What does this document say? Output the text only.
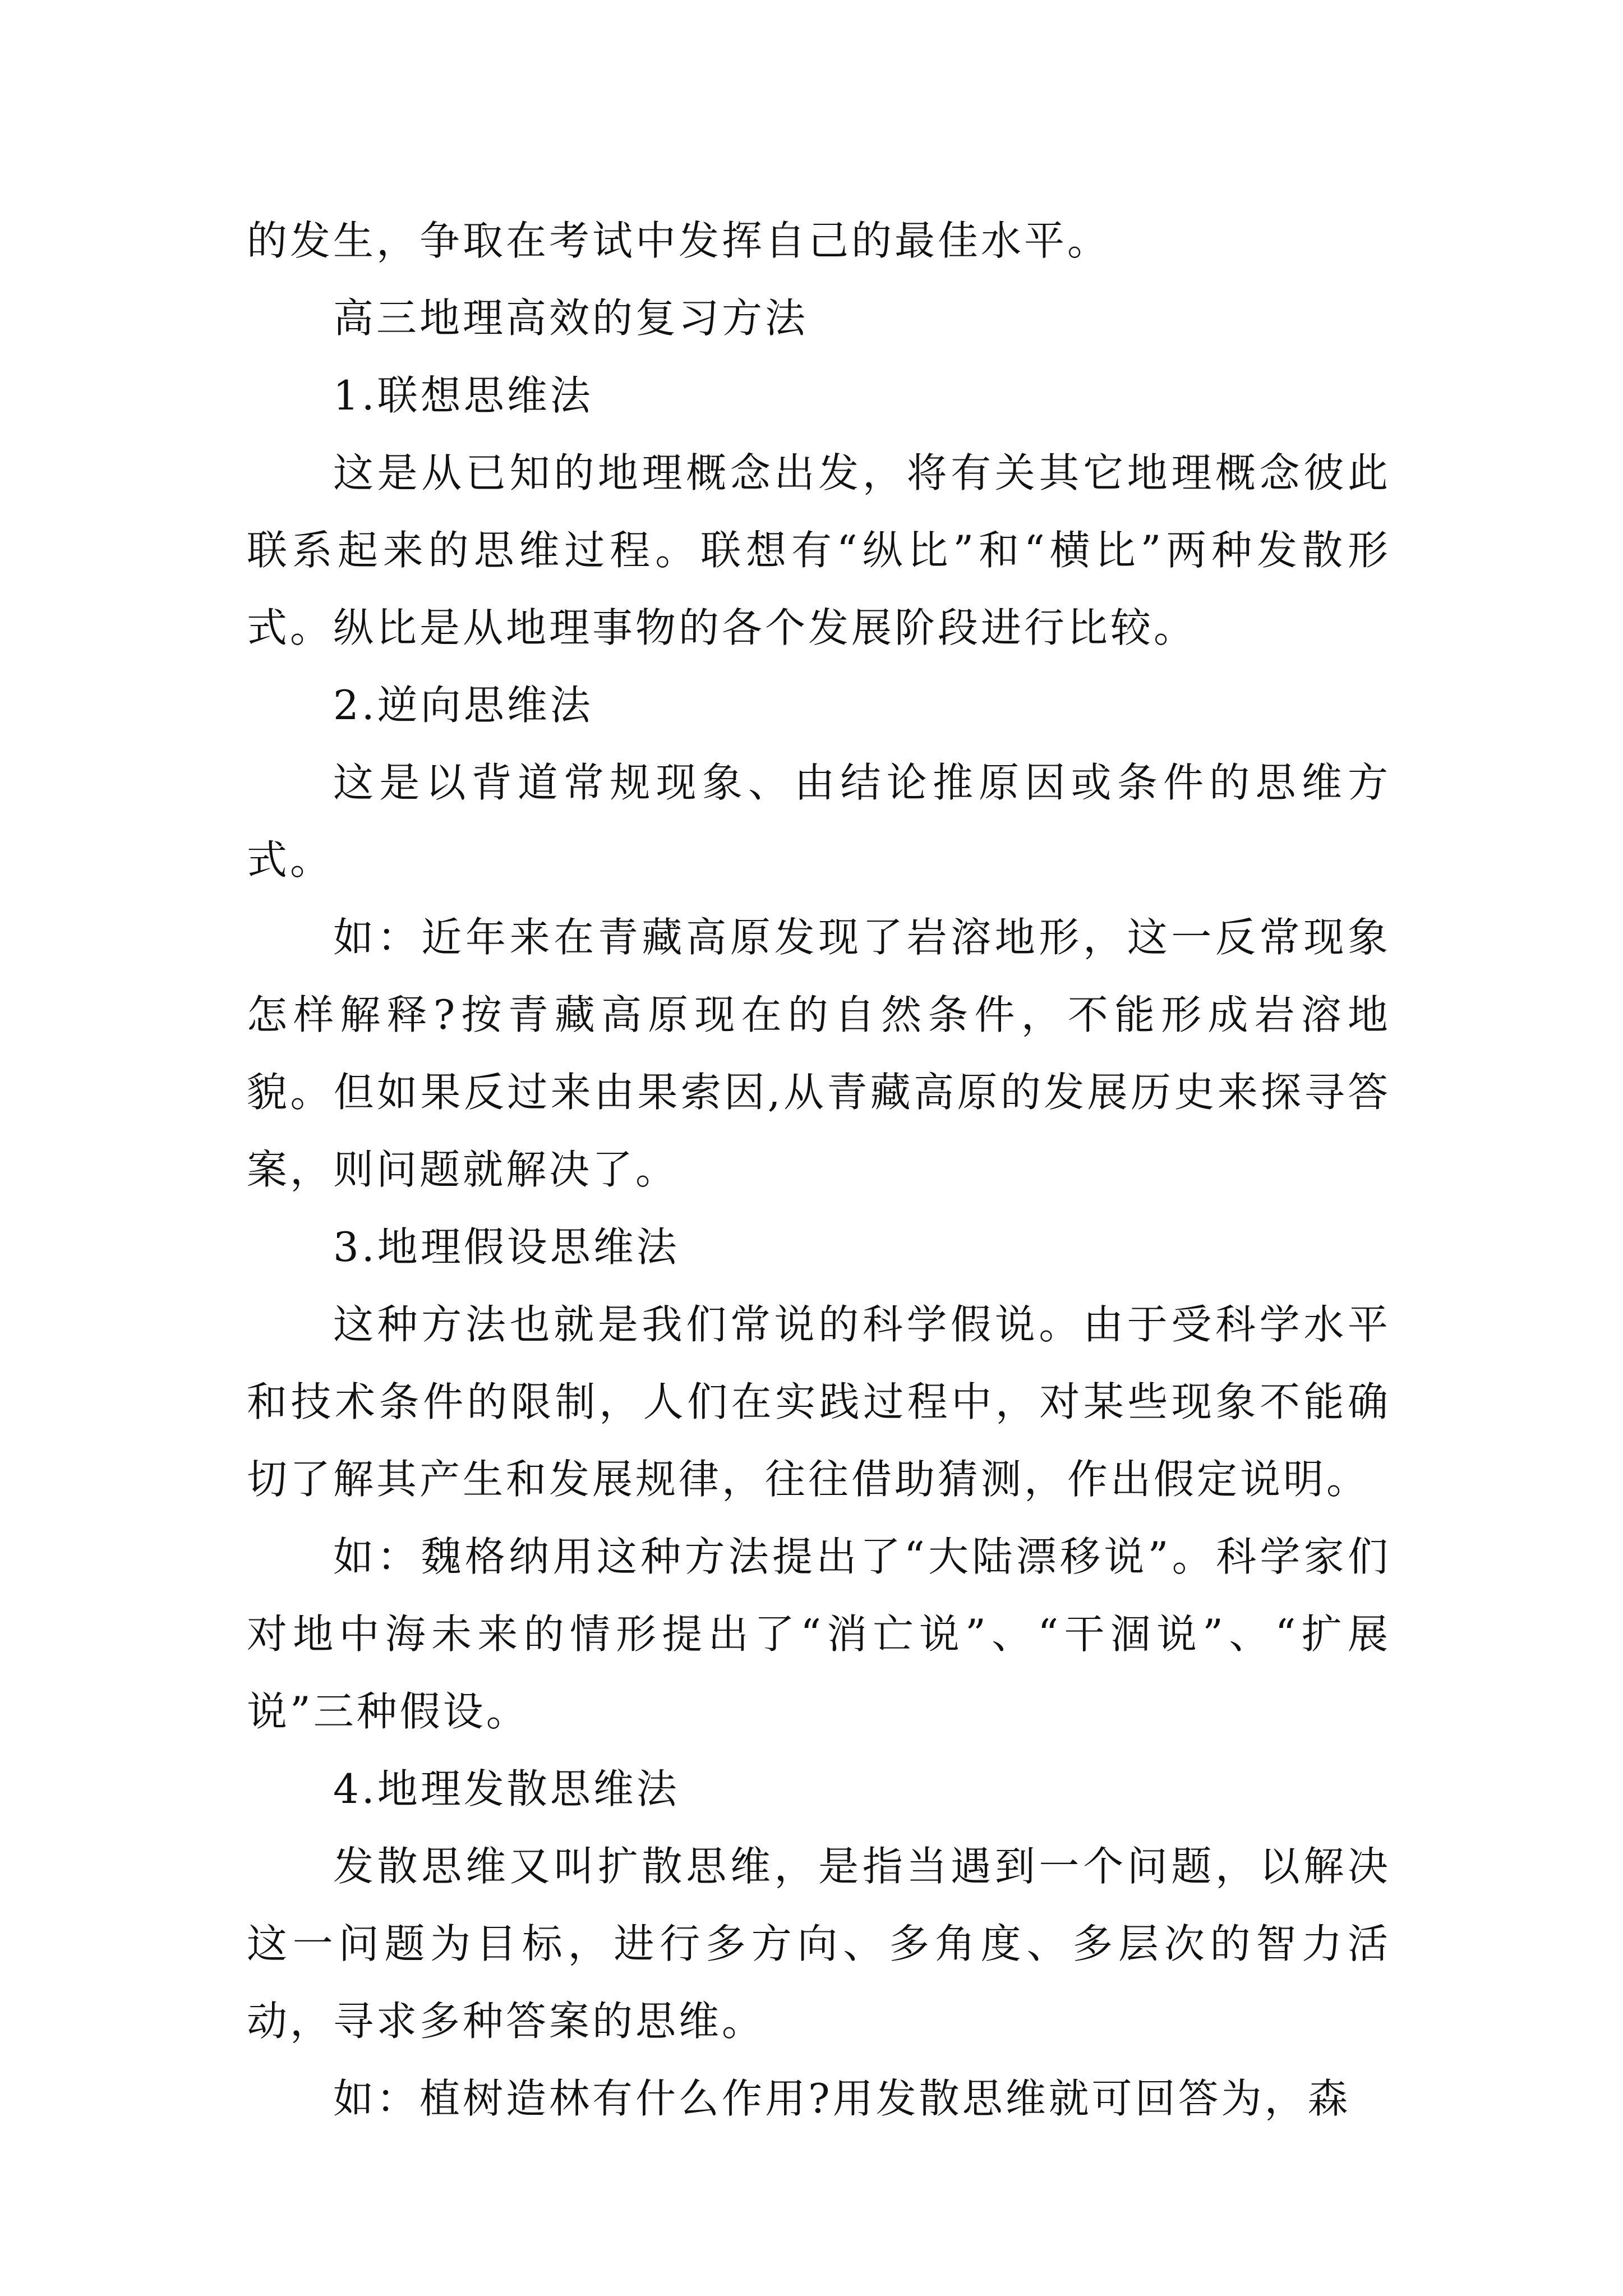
的发生，争取在考试中发挥自己的最佳水平。

高三地理高效的复习方法

1.联想思维法

这是从已知的地理概念出发，将有关其它地理概念彼此联系起来的思维过程。联想有“纵比”和“横比”两种发散形式。纵比是从地理事物的各个发展阶段进行比较。

2.逆向思维法

这是以背道常规现象、由结论推原因或条件的思维方式。

如：近年来在青藏高原发现了岩溶地形，这一反常现象怎样解释?按青藏高原现在的自然条件，不能形成岩溶地貌。但如果反过来由果索因,从青藏高原的发展历史来探寻答案，则问题就解决了。

3.地理假设思维法

这种方法也就是我们常说的科学假说。由于受科学水平和技术条件的限制，人们在实践过程中，对某些现象不能确切了解其产生和发展规律，往往借助猜测，作出假定说明。

如：魏格纳用这种方法提出了“大陆漂移说”。科学家们对地中海未来的情形提出了“消亡说”、“干涸说”、“扩展说”三种假设。

4.地理发散思维法

发散思维又叫扩散思维，是指当遇到一个问题，以解决这一问题为目标，进行多方向、多角度、多层次的智力活动，寻求多种答案的思维。

如：植树造林有什么作用?用发散思维就可回答为，森
